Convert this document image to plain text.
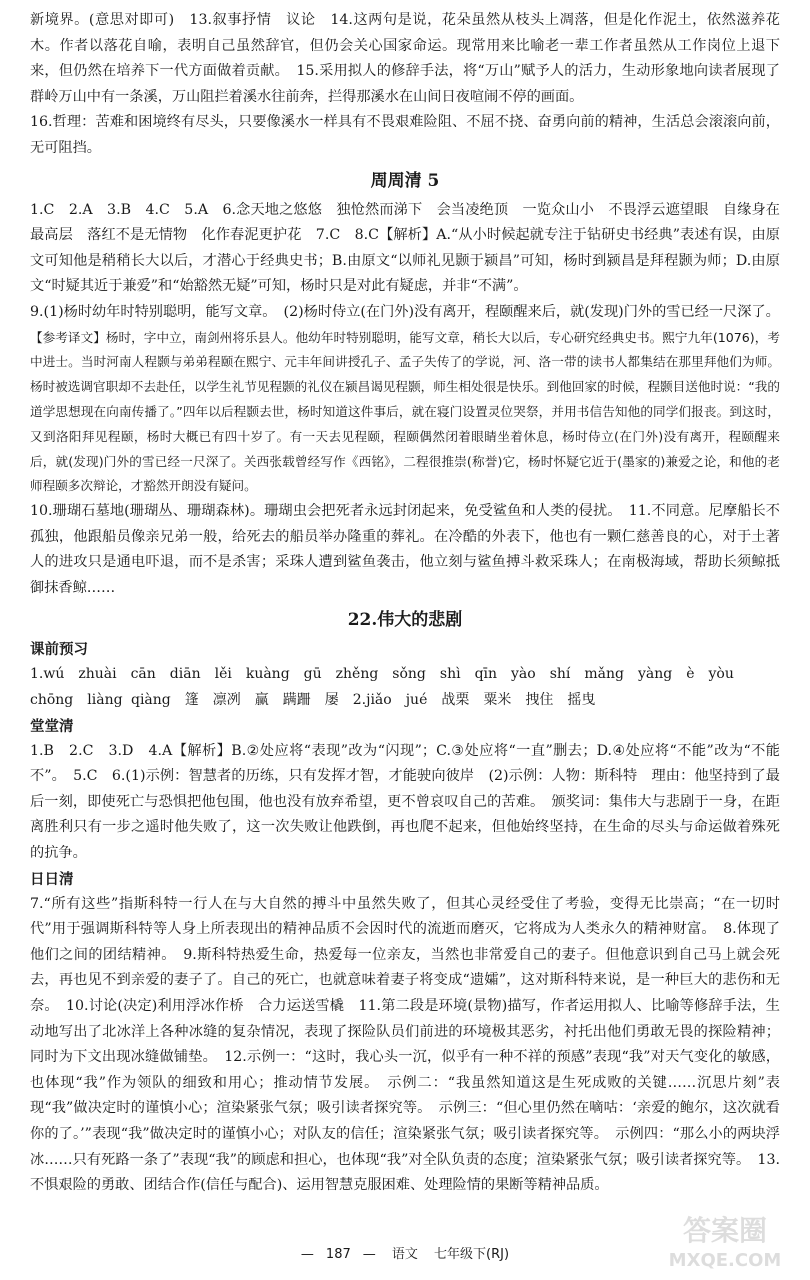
新境界。(意思对即可)　13.叙事抒情　议论　14.这两句是说，花朵虽然从枝头上凋落，但是化作泥土，依然滋养花木。作者以落花自喻，表明自己虽然辞官，但仍会关心国家命运。现常用来比喻老一辈工作者虽然从工作岗位上退下来，但仍然在培养下一代方面做着贡献。　15.采用拟人的修辞手法，将“万山”赋予人的活力，生动形象地向读者展现了群岭万山中有一条溪，万山阻拦着溪水往前奔，拦得那溪水在山间日夜喧闹不停的画面。

16.哲理：苦难和困境终有尽头，只要像溪水一样具有不畏艰难险阻、不屈不挠、奋勇向前的精神，生活总会滚滚向前，无可阻挡。

周周清 5

1.C　2.A　3.B　4.C　5.A　6.念天地之悠悠　独怆然而涕下　会当凌绝顶　一览众山小　不畏浮云遮望眼　自缘身在最高层　落红不是无情物　化作春泥更护花　7.C　8.C【解析】A.“从小时候起就专注于钻研史书经典”表述有误，由原文可知他是稍稍长大以后，才潜心于经典史书；B.由原文“以师礼见颢于颍昌”可知，杨时到颍昌是拜程颢为师；D.由原文“时疑其近于兼爱”和“始豁然无疑”可知，杨时只是对此有疑虑，并非“不满”。

9.(1)杨时幼年时特别聪明，能写文章。　(2)杨时侍立(在门外)没有离开，程颐醒来后，就(发现)门外的雪已经一尺深了。

【参考译文】杨时，字中立，南剑州将乐县人。他幼年时特别聪明，能写文章，稍长大以后，专心研究经典史书。熙宁九年(1076)，考中进士。当时河南人程颢与弟弟程颐在熙宁、元丰年间讲授孔子、孟子失传了的学说，河、洛一带的读书人都集结在那里拜他们为师。杨时被选调官职却不去赴任，以学生礼节见程颢的礼仪在颍昌谒见程颢，师生相处很是快乐。到他回家的时候，程颢目送他时说：“我的道学思想现在向南传播了。”四年以后程颢去世，杨时知道这件事后，就在寝门设置灵位哭祭，并用书信告知他的同学们报丧。到这时，又到洛阳拜见程颐，杨时大概已有四十岁了。有一天去见程颐，程颐偶然闭着眼睛坐着休息，杨时侍立(在门外)没有离开，程颐醒来后，就(发现)门外的雪已经一尺深了。关西张载曾经写作《西铭》，二程很推崇(称誉)它，杨时怀疑它近于(墨家的)兼爱之论，和他的老师程颐多次辩论，才豁然开朗没有疑问。

10.珊瑚石墓地(珊瑚丛、珊瑚森林)。珊瑚虫会把死者永远封闭起来，免受鲨鱼和人类的侵扰。　11.不同意。尼摩船长不孤独，他跟船员像亲兄弟一般，给死去的船员举办隆重的葬礼。在冷酷的外表下，他也有一颗仁慈善良的心，对于土著人的进攻只是通电吓退，而不是杀害；采珠人遭到鲨鱼袭击，他立刻与鲨鱼搏斗救采珠人；在南极海域，帮助长须鲸抵御抹香鲸……

22.伟大的悲剧
课前预习

1.wú　zhuài　cān　diān　lěi　kuàng　gū　zhěng　sǒng　shì　qīn　yào　shí　mǎng　yàng　è　yòu

chōng　liàng qiàng　篷　凛冽　赢　蹒跚　屡　2.jiǎo　jué　战栗　粟米　拽住　摇曳

堂堂清

1.B　2.C　3.D　4.A【解析】B.②处应将“表现”改为“闪现”；C.③处应将“一直”删去；D.④处应将“不能”改为“不能不”。　5.C　6.(1)示例：智慧者的历练，只有发挥才智，才能驶向彼岸　(2)示例：人物：斯科特　理由：他坚持到了最后一刻，即使死亡与恐惧把他包围，他也没有放弃希望，更不曾哀叹自己的苦难。　颁奖词：集伟大与悲剧于一身，在距离胜利只有一步之遥时他失败了，这一次失败让他跌倒，再也爬不起来，但他始终坚持，在生命的尽头与命运做着殊死的抗争。

日日清

7.“所有这些”指斯科特一行人在与大自然的搏斗中虽然失败了，但其心灵经受住了考验，变得无比崇高；“在一切时代”用于强调斯科特等人身上所表现出的精神品质不会因时代的流逝而磨灭，它将成为人类永久的精神财富。　8.体现了他们之间的团结精神。　9.斯科特热爱生命，热爱每一位亲友，当然也非常爱自己的妻子。但他意识到自己马上就会死去，再也见不到亲爱的妻子了。自己的死亡，也就意味着妻子将变成“遗孀”，这对斯科特来说，是一种巨大的悲伤和无奈。　10.讨论(决定)利用浮冰作桥　合力运送雪橇　11.第二段是环境(景物)描写，作者运用拟人、比喻等修辞手法，生动地写出了北冰洋上各种冰缝的复杂情况，表现了探险队员们前进的环境极其恶劣，衬托出他们勇敢无畏的探险精神；同时为下文出现冰缝做铺垫。　12.示例一：“这时，我心头一沉，似乎有一种不祥的预感”表现“我”对天气变化的敏感，也体现“我”作为领队的细致和用心；推动情节发展。　示例二：“我虽然知道这是生死成败的关键……沉思片刻”表现“我”做决定时的谨慎小心；渲染紧张气氛；吸引读者探究等。　示例三：“但心里仍然在嘀咕：‘亲爱的鲍尔，这次就看你的了。’”表现“我”做决定时的谨慎小心；对队友的信任；渲染紧张气氛；吸引读者探究等。　示例四：“那么小的两块浮冰……只有死路一条了”表现“我”的顾虑和担心，也体现“我”对全队负责的态度；渲染紧张气氛；吸引读者探究等。　13.不惧艰险的勇敢、团结合作(信任与配合)、运用智慧克服困难、处理险情的果断等精神品质。

— 187 — 语文 七年级下(RJ)
答案圈
MXQE.COM
